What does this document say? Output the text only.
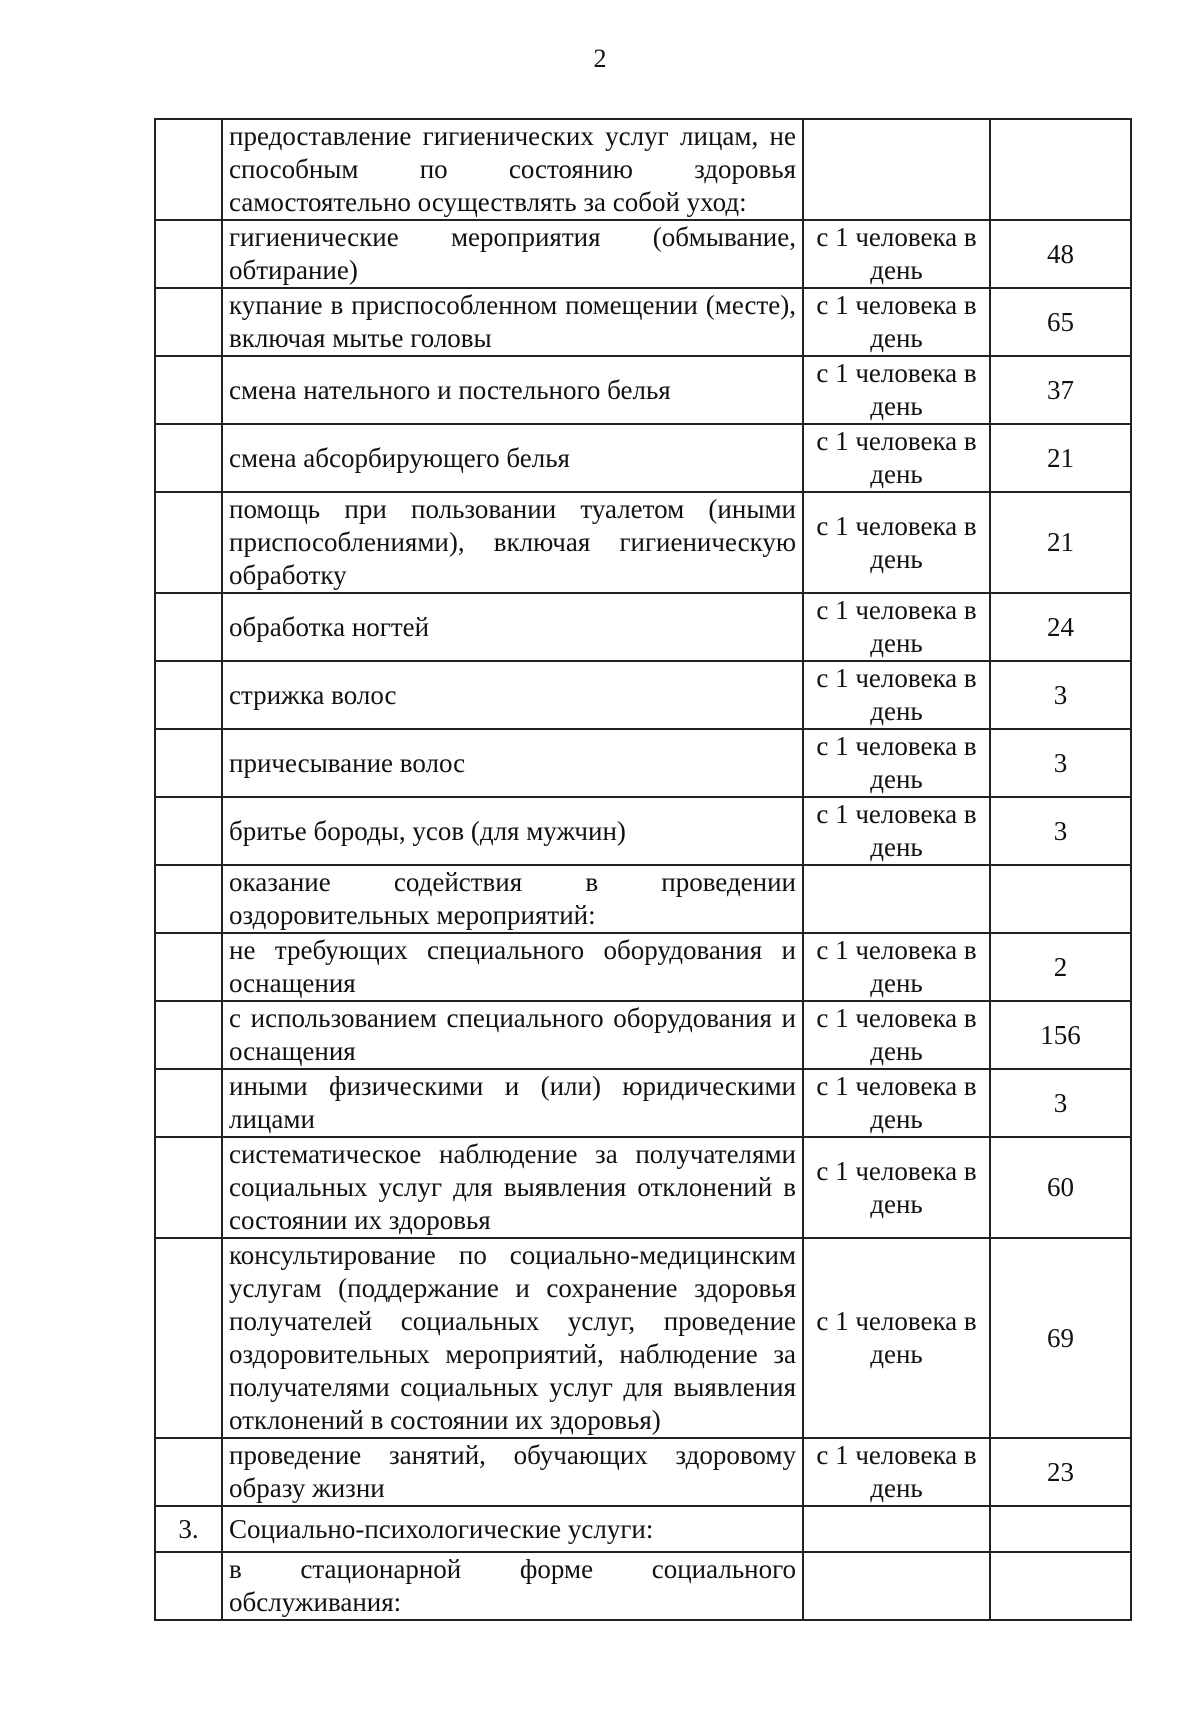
2
	предоставление гигиенических услуг лицам, не способным по состоянию здоровья самостоятельно осуществлять за собой уход:		
	гигиенические мероприятия (обмывание, обтирание)	с 1 человека в день	48
	купание в приспособленном помещении (месте), включая мытье головы	с 1 человека в день	65
	смена нательного и постельного белья	с 1 человека в день	37
	смена абсорбирующего белья	с 1 человека в день	21
	помощь при пользовании туалетом (иными приспособлениями), включая гигиеническую обработку	с 1 человека в день	21
	обработка ногтей	с 1 человека в день	24
	стрижка волос	с 1 человека в день	3
	причесывание волос	с 1 человека в день	3
	бритье бороды, усов (для мужчин)	с 1 человека в день	3
	оказание содействия в проведении оздоровительных мероприятий:		
	не требующих специального оборудования и оснащения	с 1 человека в день	2
	с использованием специального оборудования и оснащения	с 1 человека в день	156
	иными физическими и (или) юридическими лицами	с 1 человека в день	3
	систематическое наблюдение за получателями социальных услуг для выявления отклонений в состоянии их здоровья	с 1 человека в день	60
	консультирование по социально-медицинским услугам (поддержание и сохранение здоровья получателей социальных услуг, проведение оздоровительных мероприятий, наблюдение за получателями социальных услуг для выявления отклонений в состоянии их здоровья)	с 1 человека в день	69
	проведение занятий, обучающих здоровому образу жизни	с 1 человека в день	23
3.	Социально-психологические услуги:		
	в стационарной форме социального обслуживания:		
